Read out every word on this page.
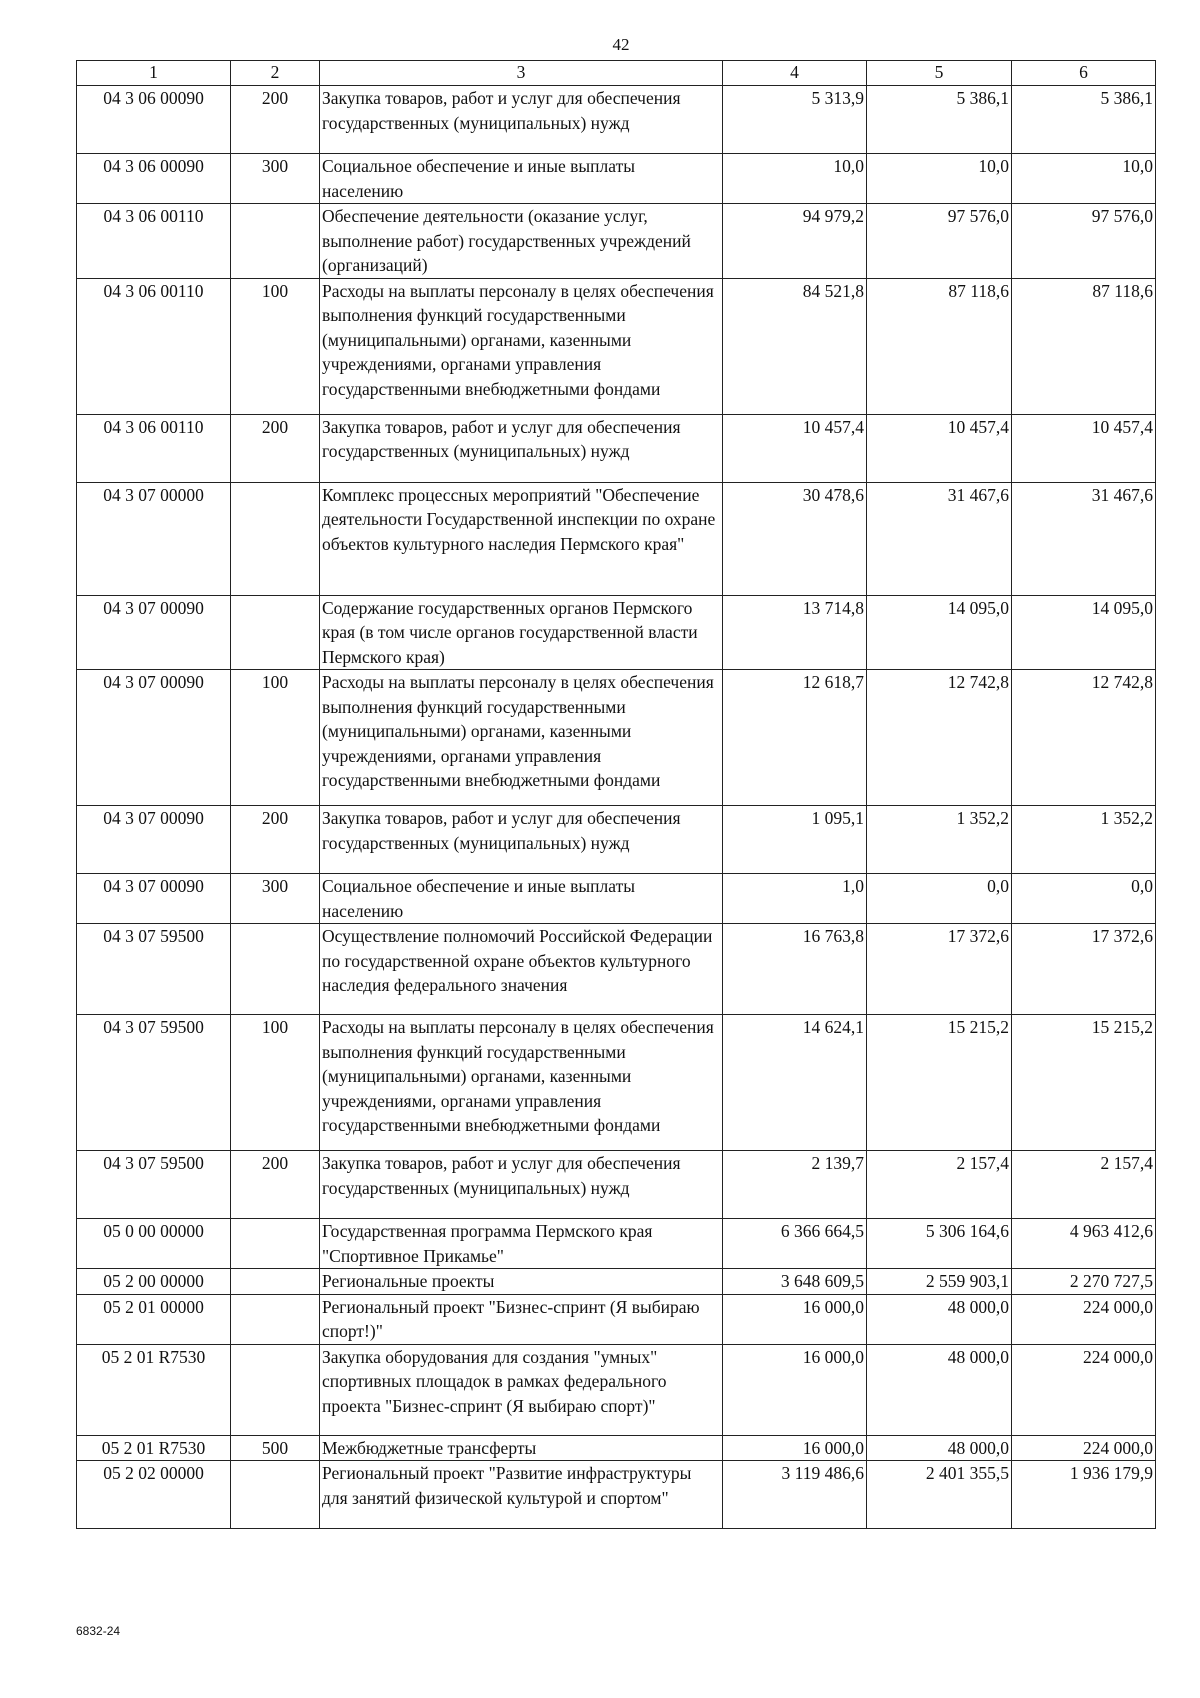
42
1	2	3	4	5	6
04 3 06 00090	200	Закупка товаров, работ и услуг для обеспечения государственных (муниципальных) нужд	5 313,9	5 386,1	5 386,1
04 3 06 00090	300	Социальное обеспечение и иные выплаты населению	10,0	10,0	10,0
04 3 06 00110		Обеспечение деятельности (оказание услуг, выполнение работ) государственных учреждений (организаций)	94 979,2	97 576,0	97 576,0
04 3 06 00110	100	Расходы на выплаты персоналу в целях обеспечения выполнения функций государственными (муниципальными) органами, казенными учреждениями, органами управления государственными внебюджетными фондами	84 521,8	87 118,6	87 118,6
04 3 06 00110	200	Закупка товаров, работ и услуг для обеспечения государственных (муниципальных) нужд	10 457,4	10 457,4	10 457,4
04 3 07 00000		Комплекс процессных мероприятий "Обеспечение деятельности Государственной инспекции по охране объектов культурного наследия Пермского края"	30 478,6	31 467,6	31 467,6
04 3 07 00090		Содержание государственных органов Пермского края (в том числе органов государственной власти Пермского края)	13 714,8	14 095,0	14 095,0
04 3 07 00090	100	Расходы на выплаты персоналу в целях обеспечения выполнения функций государственными (муниципальными) органами, казенными учреждениями, органами управления государственными внебюджетными фондами	12 618,7	12 742,8	12 742,8
04 3 07 00090	200	Закупка товаров, работ и услуг для обеспечения государственных (муниципальных) нужд	1 095,1	1 352,2	1 352,2
04 3 07 00090	300	Социальное обеспечение и иные выплаты населению	1,0	0,0	0,0
04 3 07 59500		Осуществление полномочий Российской Федерации по государственной охране объектов культурного наследия федерального значения	16 763,8	17 372,6	17 372,6
04 3 07 59500	100	Расходы на выплаты персоналу в целях обеспечения выполнения функций государственными (муниципальными) органами, казенными учреждениями, органами управления государственными внебюджетными фондами	14 624,1	15 215,2	15 215,2
04 3 07 59500	200	Закупка товаров, работ и услуг для обеспечения государственных (муниципальных) нужд	2 139,7	2 157,4	2 157,4
05 0 00 00000		Государственная программа Пермского края "Спортивное Прикамье"	6 366 664,5	5 306 164,6	4 963 412,6
05 2 00 00000		Региональные проекты	3 648 609,5	2 559 903,1	2 270 727,5
05 2 01 00000		Региональный проект "Бизнес-спринт (Я выбираю спорт!)"	16 000,0	48 000,0	224 000,0
05 2 01 R7530		Закупка оборудования для создания "умных" спортивных площадок в рамках федерального проекта "Бизнес-спринт (Я выбираю спорт)"	16 000,0	48 000,0	224 000,0
05 2 01 R7530	500	Межбюджетные трансферты	16 000,0	48 000,0	224 000,0
05 2 02 00000		Региональный проект "Развитие инфраструктуры для занятий физической культурой и спортом"	3 119 486,6	2 401 355,5	1 936 179,9
6832-24
